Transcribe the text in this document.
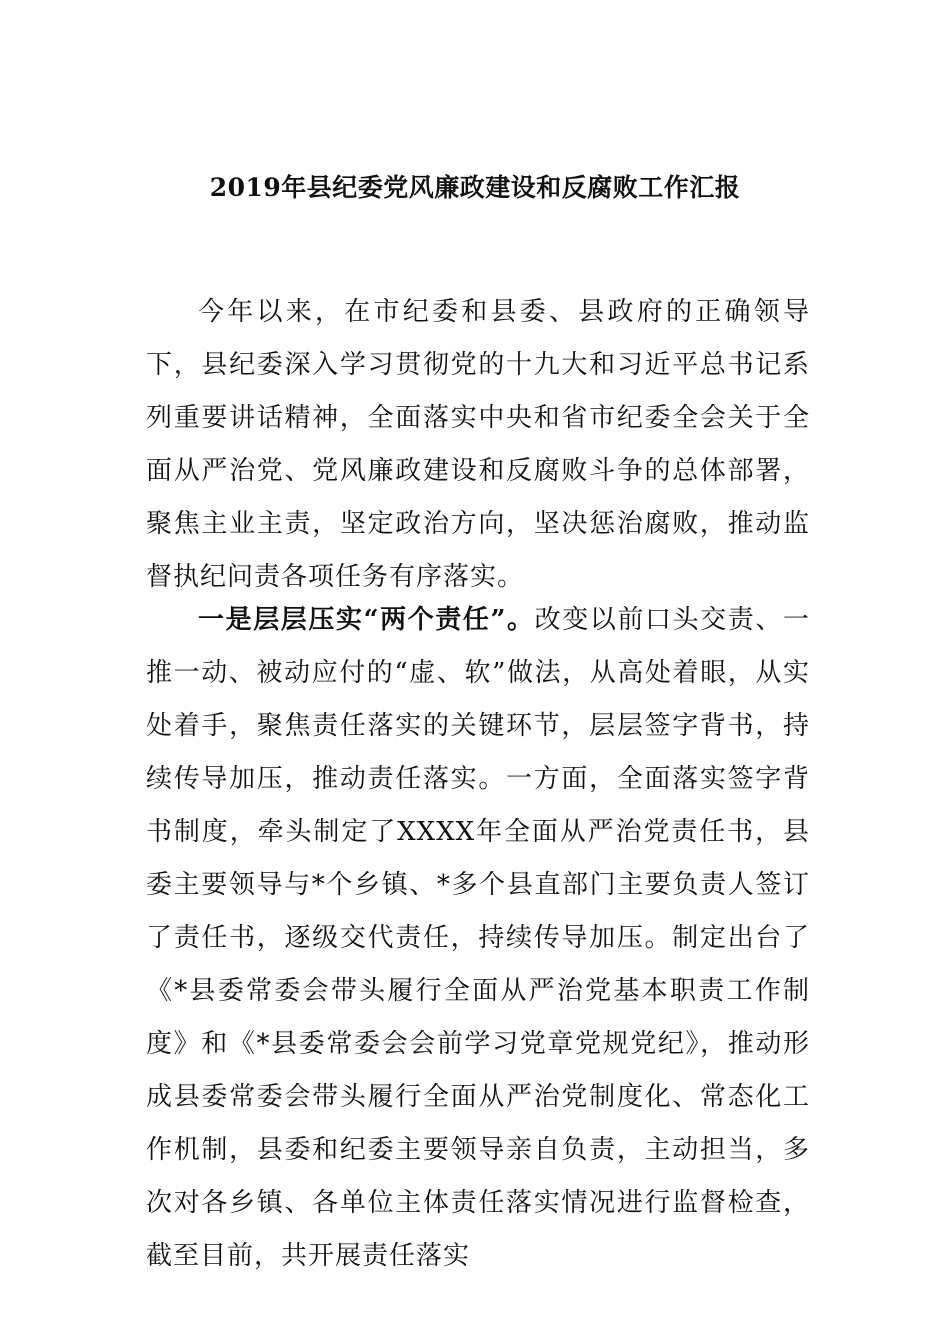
2019年县纪委党风廉政建设和反腐败工作汇报

今年以来，在市纪委和县委、县政府的正确领导下，县纪委深入学习贯彻党的十九大和习近平总书记系列重要讲话精神，全面落实中央和省市纪委全会关于全面从严治党、党风廉政建设和反腐败斗争的总体部署，聚焦主业主责，坚定政治方向，坚决惩治腐败，推动监督执纪问责各项任务有序落实。

一是层层压实“两个责任”。改变以前口头交责、一推一动、被动应付的“虚、软”做法，从高处着眼，从实处着手，聚焦责任落实的关键环节，层层签字背书，持续传导加压，推动责任落实。一方面，全面落实签字背书制度，牵头制定了XXXX年全面从严治党责任书，县委主要领导与*个乡镇、*多个县直部门主要负责人签订了责任书，逐级交代责任，持续传导加压。制定出台了《*县委常委会带头履行全面从严治党基本职责工作制度》和《*县委常委会会前学习党章党规党纪》，推动形成县委常委会带头履行全面从严治党制度化、常态化工作机制，县委和纪委主要领导亲自负责，主动担当，多次对各乡镇、各单位主体责任落实情况进行监督检查，截至目前，共开展责任落实
